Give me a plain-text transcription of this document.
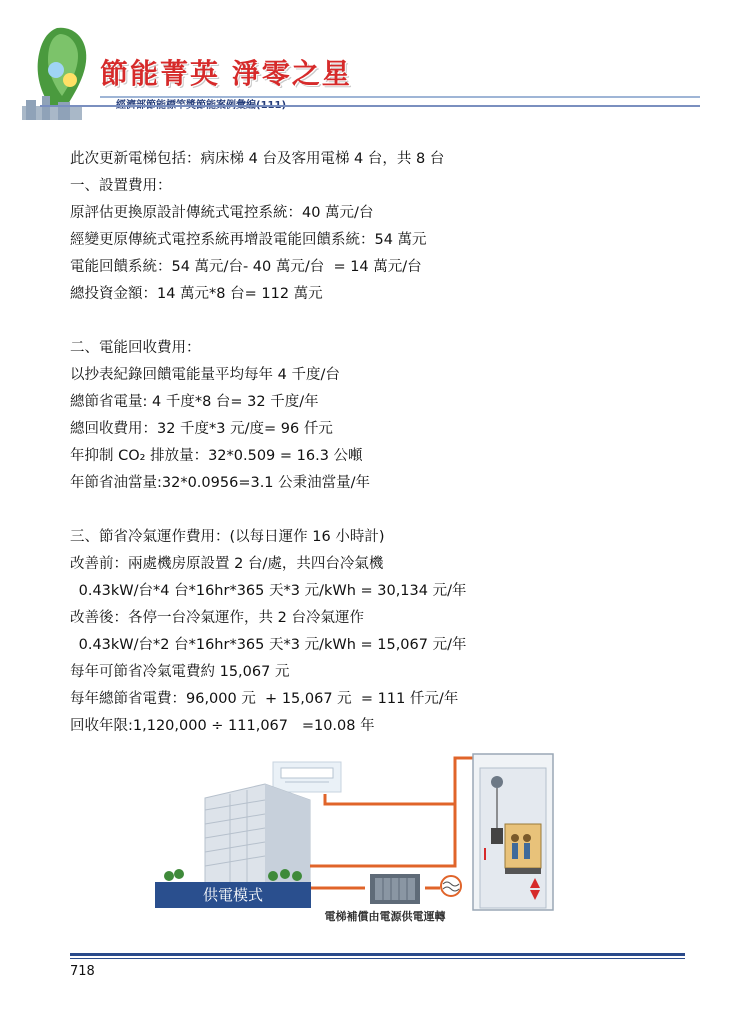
節能菁英 淨零之星
此次更新電梯包括：病床梯 4 台及客用電梯 4 台，共 8 台
一、設置費用：
原評估更換原設計傳統式電控系統：40 萬元/台
經變更原傳統式電控系統再增設電能回饋系統：54 萬元
電能回饋系統：54 萬元/台- 40 萬元/台  = 14 萬元/台
總投資金額：14 萬元*8 台= 112 萬元
二、電能回收費用：
以抄表紀錄回饋電能量平均每年 4 千度/台
總節省電量: 4 千度*8 台= 32 千度/年
總回收費用：32 千度*3 元/度= 96 仟元
年抑制 CO₂ 排放量：32*0.509 = 16.3 公噸
年節省油當量:32*0.0956=3.1 公秉油當量/年
三、節省冷氣運作費用：(以每日運作 16 小時計)
改善前：兩處機房原設置 2 台/處，共四台冷氣機
0.43kW/台*4 台*16hr*365 天*3 元/kWh = 30,134 元/年
改善後：各停一台冷氣運作，共 2 台冷氣運作
0.43kW/台*2 台*16hr*365 天*3 元/kWh = 15,067 元/年
每年可節省冷氣電費約 15,067 元
每年總節省電費：96,000 元  + 15,067 元  = 111 仟元/年
回收年限:1,120,000 ÷ 111,067   =10.08 年
供電模式
電梯補償由電源供電運轉
718
